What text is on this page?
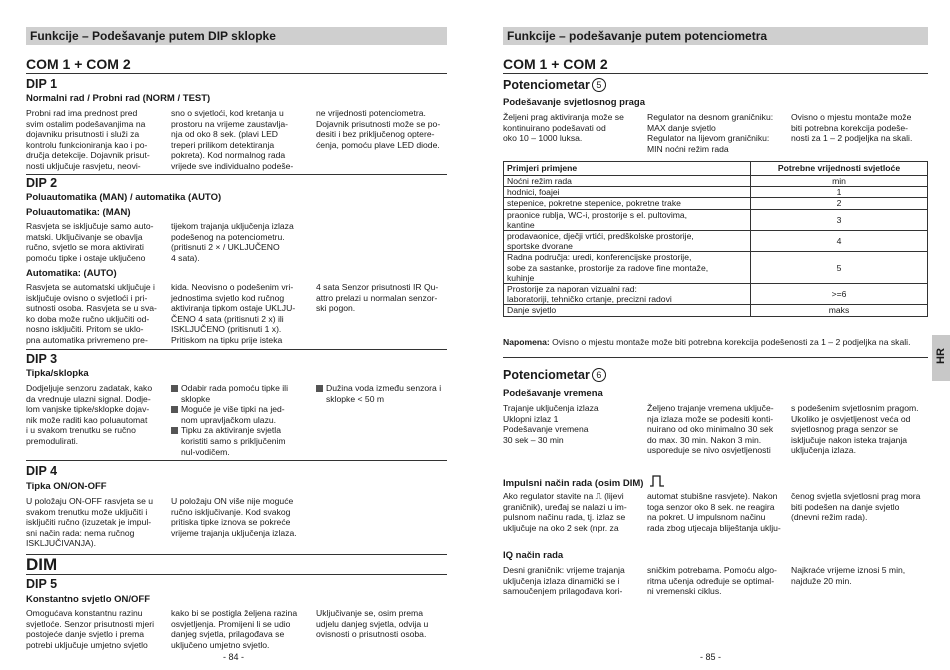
Funkcije – Podešavanje putem DIP sklopke
COM 1 + COM 2
DIP 1
Normalni rad / Probni rad (NORM / TEST)
Probni rad ima prednost pred
svim ostalim podešavanjima na
dojavniku prisutnosti i služi za
kontrolu funkcioniranja kao i po-
dručja detekcije. Dojavnik prisut-
nosti uključuje rasvjetu, neovi-
sno o svjetloći, kod kretanja u
prostoru na vrijeme zaustavlja-
nja od oko 8 sek. (plavi LED
treperi prilikom detektiranja
pokreta). Kod normalnog rada
vrijede sve individualno podeše-
ne vrijednosti potenciometra.
Dojavnik prisutnosti može se po-
desiti i bez priključenog optere-
ćenja, pomoću plave LED diode.
DIP 2
Poluautomatika (MAN) / automatika (AUTO)
Poluautomatika: (MAN)
Rasvjeta se isključuje samo auto-
matski. Uključivanje se obavlja
ručno, svjetlo se mora aktivirati
pomoću tipke i ostaje uključeno
tijekom trajanja uključenja izlaza
podešenog na potenciometru.
(pritisnuti 2 × / UKLJUČENO
4 sata).
Automatika: (AUTO)
Rasvjeta se automatski uključuje i
isključuje ovisno o svjetloći i pri-
sutnosti osoba. Rasvjeta se u sva-
ko doba može ručno uključiti od-
nosno isključiti. Pritom se uklo-
pna automatika privremeno pre-
kida. Neovisno o podešenim vri-
jednostima svjetlo kod ručnog
aktiviranja tipkom ostaje UKLJU-
ČENO 4 sata (pritisnuti 2 x) ili
ISKLJUČENO (pritisnuti 1 x).
Pritiskom na tipku prije isteka
4 sata Senzor prisutnosti IR Qu-
attro prelazi u normalan senzor-
ski pogon.
DIP 3
Tipka/sklopka
Dodjeljuje senzoru zadatak, kako
da vrednuje ulazni signal. Dodje-
lom vanjske tipke/sklopke dojav-
nik može raditi kao poluautomat
i u svakom trenutku se ručno
premodulirati.
Odabir rada pomoću tipke ili
sklopke
Moguće je više tipki na jed-
nom upravljačkom ulazu.
Tipku za aktiviranje svjetla
koristiti samo s priključenim
nul-vodičem.
Dužina voda između senzora i
sklopke < 50 m
DIP 4
Tipka ON/ON-OFF
U položaju ON-OFF rasvjeta se u
svakom trenutku može uključiti i
isključiti ručno (izuzetak je impul-
sni način rada: nema ručnog
ISKLJUČIVANJA).
U položaju ON više nije moguće
ručno isključivanje. Kod svakog
pritiska tipke iznova se pokreće
vrijeme trajanja uključenja izlaza.
DIM
DIP 5
Konstantno svjetlo ON/OFF
Omogućava konstantnu razinu
svjetloće. Senzor prisutnosti mjeri
postojeće danje svjetlo i prema
potrebi uključuje umjetno svjetlo
kako bi se postigla željena razina
osvjetljenja. Promijeni li se udio
danjeg svjetla, prilagođava se
uključeno umjetno svjetlo.
Uključivanje se, osim prema
udjelu danjeg svjetla, odvija u
ovisnosti o prisutnosti osoba.
- 84 -
Funkcije – podešavanje putem potenciometra
COM 1 + COM 2
Potenciometar 5
Podešavanje svjetlosnog praga
Željeni prag aktiviranja može se
kontinuirano podešavati od
oko 10 – 1000 luksa.
Regulator na desnom graničniku:
MAX danje svjetlo
Regulator na lijevom graničniku:
MIN noćni režim rada
Ovisno o mjestu montaže može
biti potrebna korekcija podeše-
nosti za 1 – 2 podjeljka na skali.
Primjeri primjene	Potrebne vrijednosti svjetloće
Noćni režim rada	min
hodnici, foajei	1
stepenice, pokretne stepenice, pokretne trake	2
praonice rublja, WC-i, prostorije s el. pultovima,
kantine	3
prodavaonice, dječji vrtići, predškolske prostorije,
sportske dvorane	4
Radna područja: uredi, konferencijske prostorije,
sobe za sastanke, prostorije za radove fine montaže,
kuhinje	5
Prostorije za naporan vizualni rad:
laboratoriji, tehničko crtanje, precizni radovi	>=6
Danje svjetlo	maks
Napomena: Ovisno o mjestu montaže može biti potrebna korekcija podešenosti za 1 – 2 podjeljka na skali.
Potenciometar 6
Podešavanje vremena
Trajanje uključenja izlaza
Uklopni izlaz 1
Podešavanje vremena
30 sek – 30 min
Željeno trajanje vremena uključe-
nja izlaza može se podesiti konti-
nuirano od oko minimalno 30 sek
do max. 30 min. Nakon 3 min.
usporeduje se nivo osvjetljenosti
s podešenim svjetlosnim pragom.
Ukoliko je osvjetljenost veća od
svjetlosnog praga senzor se
isključuje nakon isteka trajanja
uključenja izlaza.
Impulsni način rada (osim DIM)
Ako regulator stavite na ⎍ (lijevi
graničnik), uređaj se nalazi u im-
pulsnom načinu rada, tj. izlaz se
uključuje na oko 2 sek (npr. za
automat stubišne rasvjete). Nakon
toga senzor oko 8 sek. ne reagira
na pokret. U impulsnom načinu
rada zbog utjecaja bliještanja uklju-
čenog svjetla svjetlosni prag mora
biti podešen na danje svjetlo
(dnevni režim rada).
IQ način rada
Desni graničnik: vrijeme trajanja
uključenja izlaza dinamički se i
samoučenjem prilagođava kori-
sničkim potrebama. Pomoću algo-
ritma učenja određuje se optimal-
ni vremenski ciklus.
Najkraće vrijeme iznosi 5 min,
najduže 20 min.
HR
- 85 -
